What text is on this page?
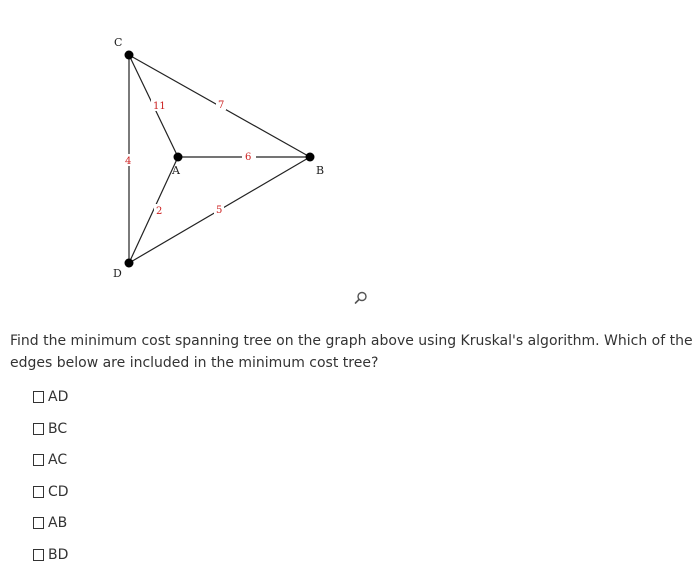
11	7
4	6
2	5
C
A	B
D
Find the minimum cost spanning tree on the graph above using Kruskal's algorithm. Which of the edges below are included in the minimum cost tree?
AD
BC
AC
CD
AB
BD
